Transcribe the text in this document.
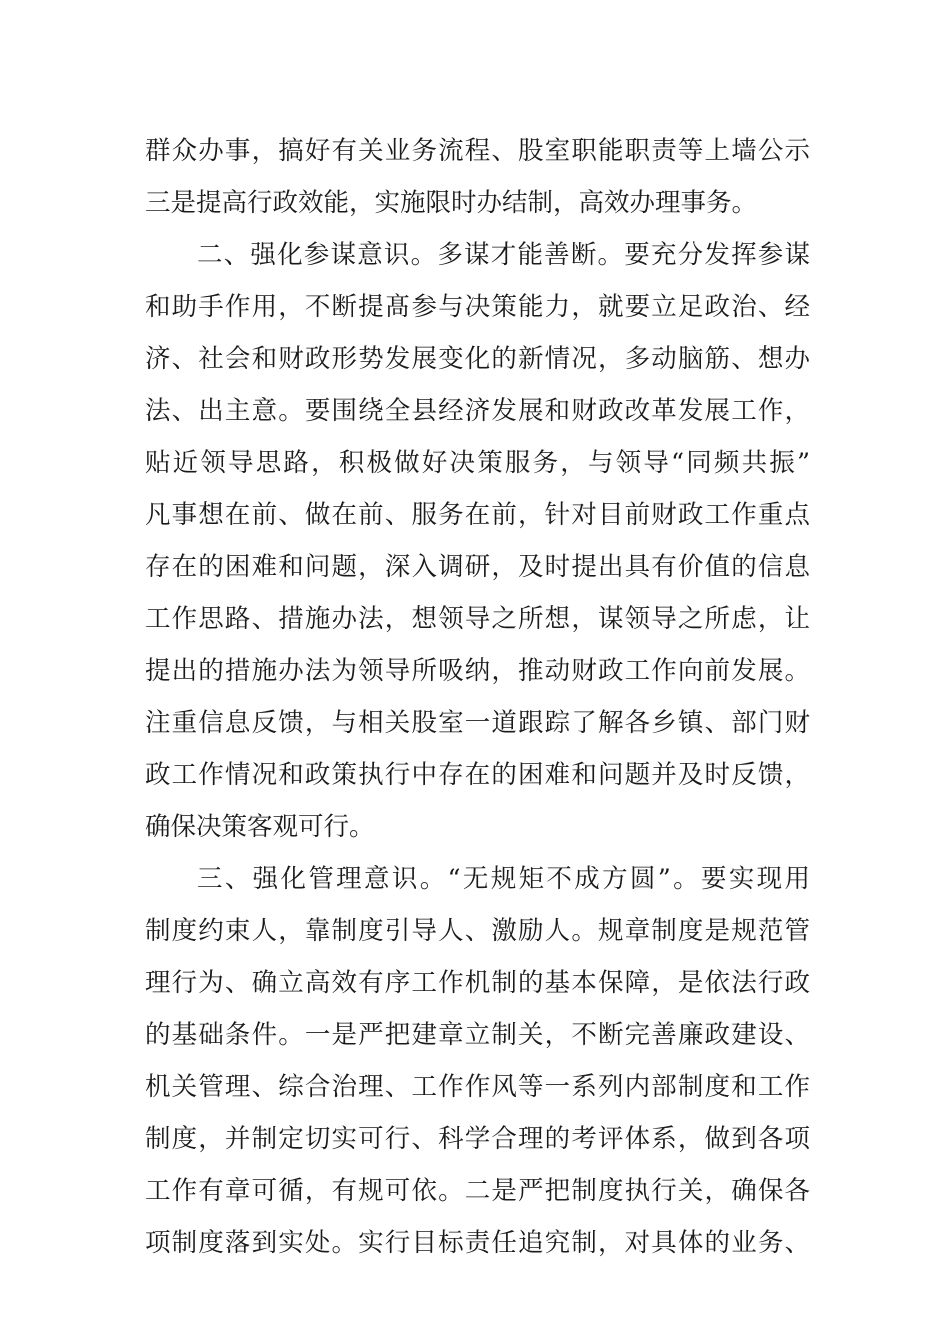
群众办事，搞好有关业务流程、股室职能职责等上墙公示
三是提高行政效能，实施限时办结制，高效办理事务。
二、强化参谋意识。多谋才能善断。要充分发挥参谋
和助手作用，不断提髙参与决策能力，就要立足政治、经
济、社会和财政形势发展变化的新情况，多动脑筋、想办
法、出主意。要围绕全县经济发展和财政改革发展工作，
贴近领导思路，积极做好决策服务，与领导“同频共振”
凡事想在前、做在前、服务在前，针对目前财政工作重点
存在的困难和问题，深入调研，及时提出具有价值的信息
工作思路、措施办法，想领导之所想，谋领导之所虑，让
提出的措施办法为领导所吸纳，推动财政工作向前发展。
注重信息反馈，与相关股室一道跟踪了解各乡镇、部门财
政工作情况和政策执行中存在的困难和问题并及时反馈，
确保决策客观可行。
三、强化管理意识。“无规矩不成方圆”。要实现用
制度约束人，靠制度引导人、激励人。规章制度是规范管
理行为、确立高效有序工作机制的基本保障，是依法行政
的基础条件。一是严把建章立制关，不断完善廉政建设、
机关管理、综合治理、工作作风等一系列内部制度和工作
制度，并制定切实可行、科学合理的考评体系，做到各项
工作有章可循，有规可依。二是严把制度执行关，确保各
项制度落到实处。实行目标责任追究制，对具体的业务、
